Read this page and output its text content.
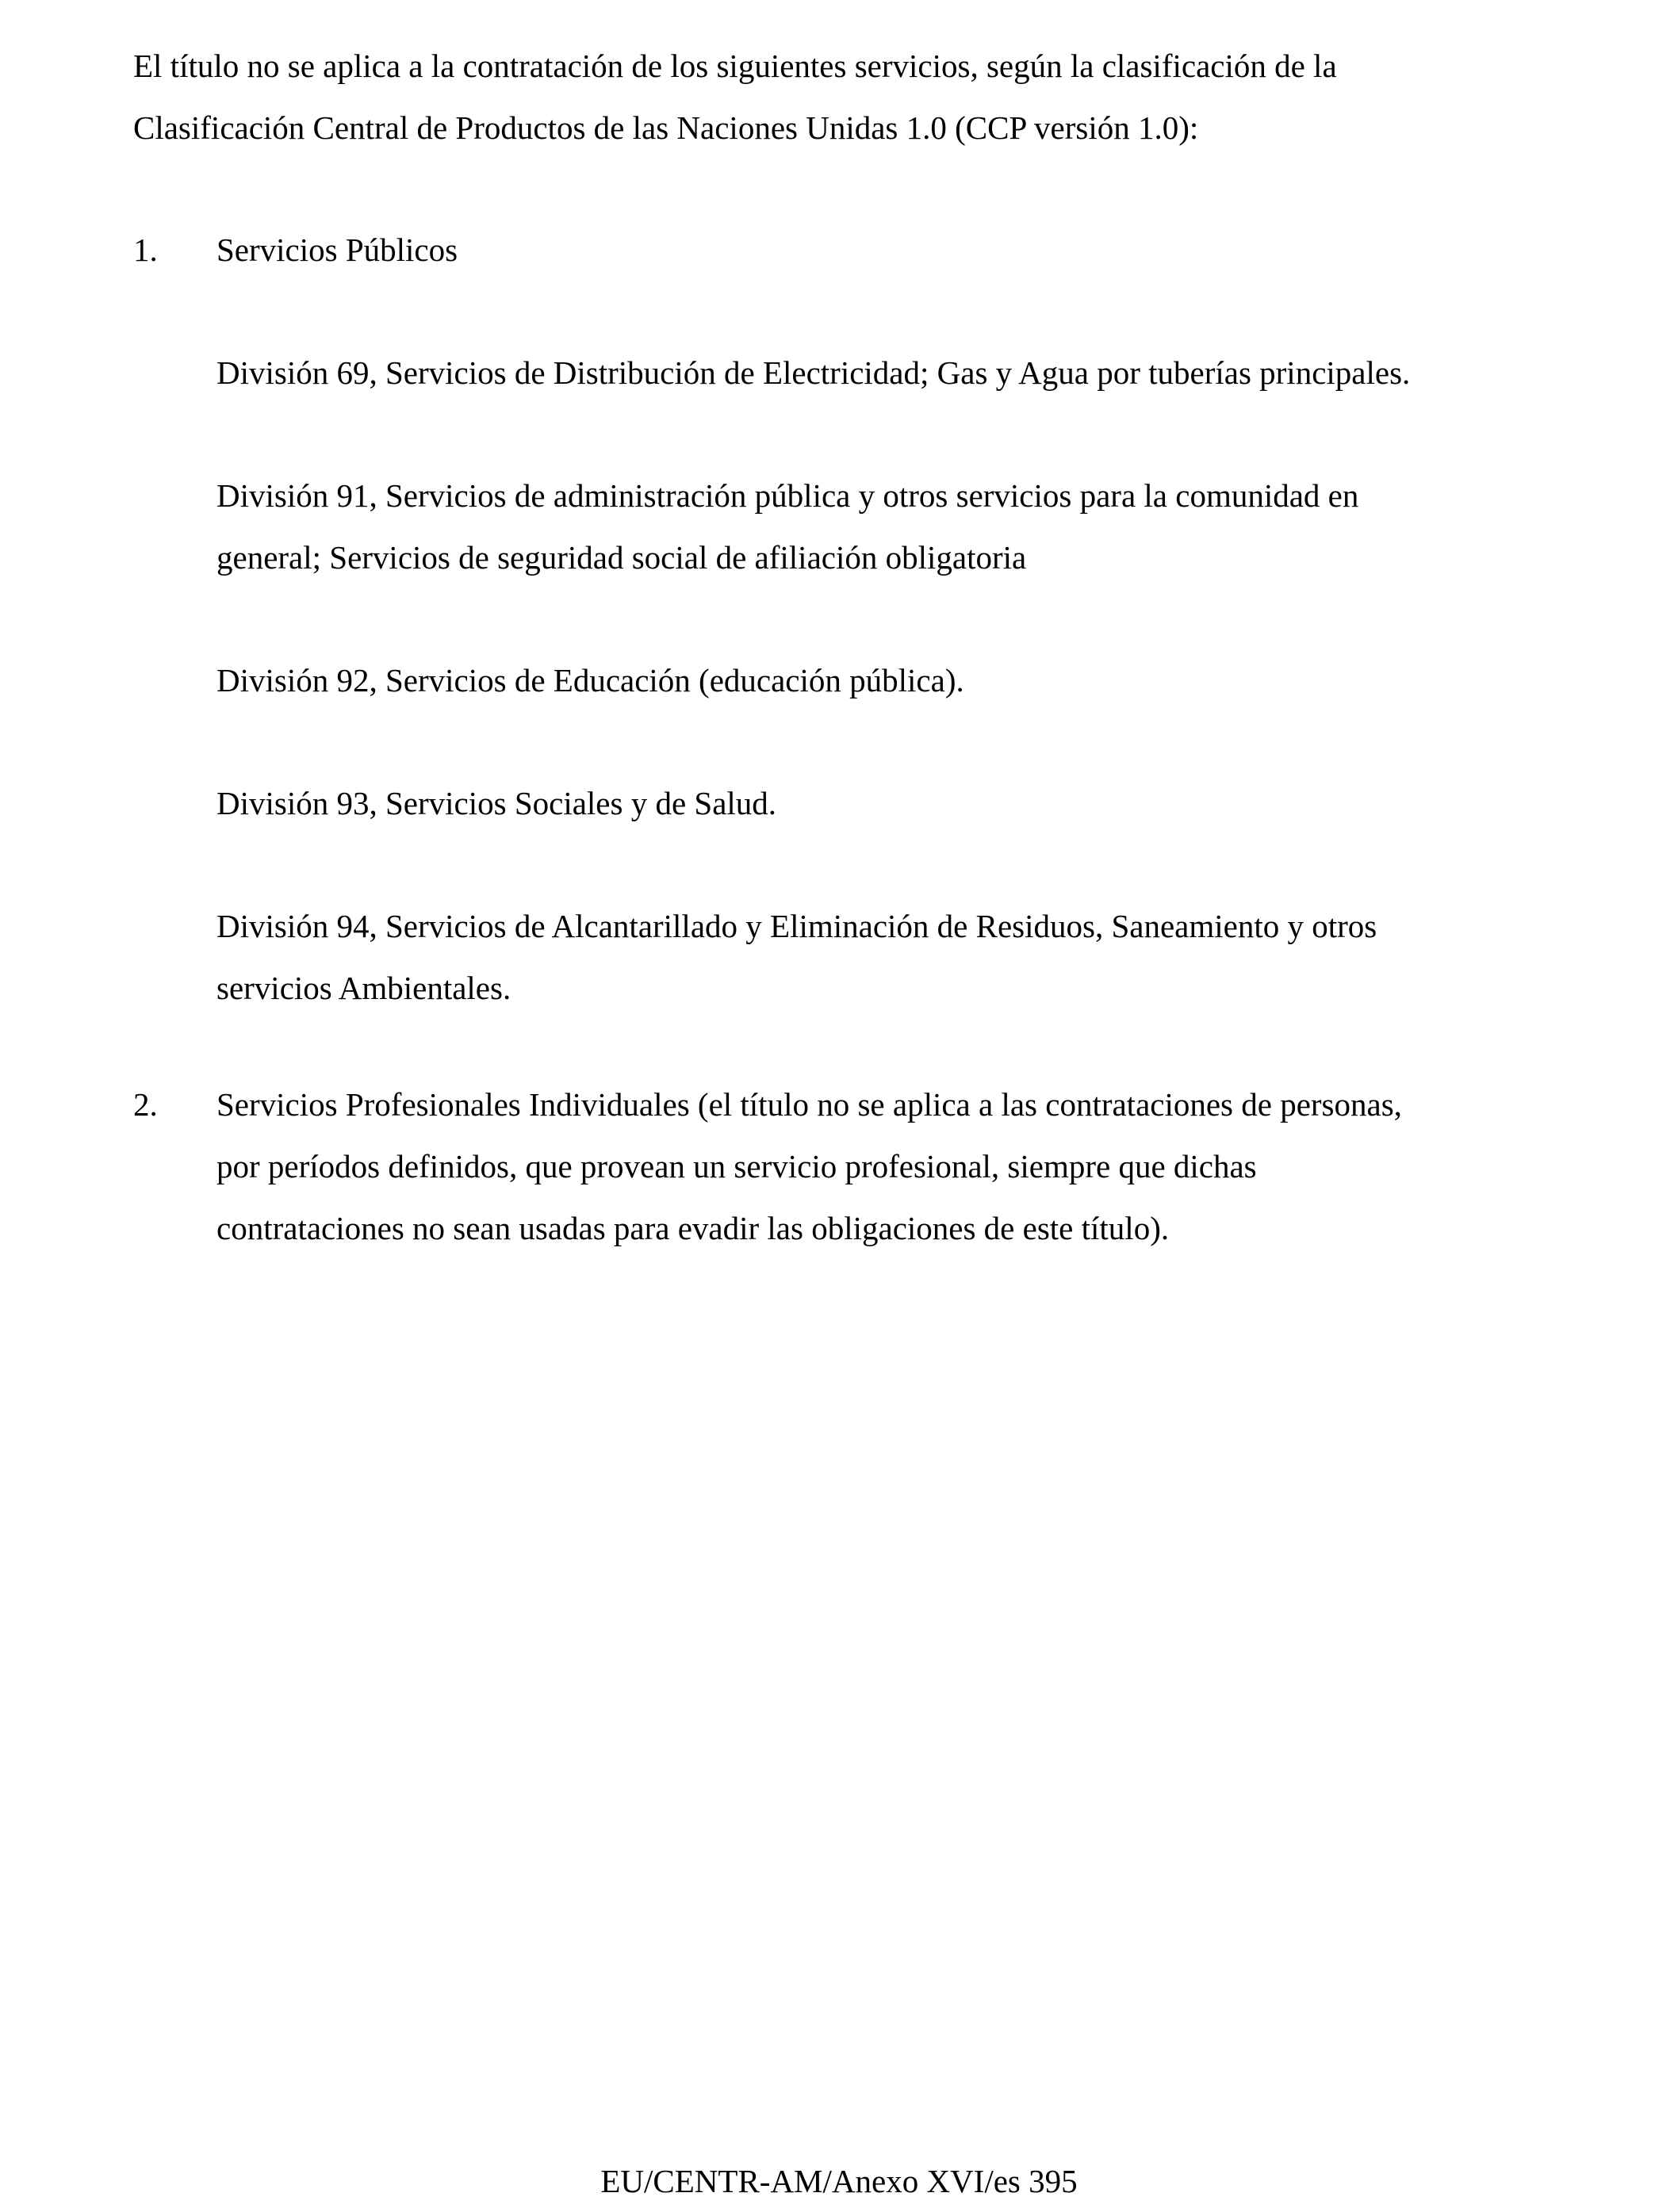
El título no se aplica a la contratación de los siguientes servicios, según la clasificación de la
Clasificación Central de Productos de las Naciones Unidas 1.0 (CCP versión 1.0):

1. Servicios Públicos

División 69, Servicios de Distribución de Electricidad; Gas y Agua por tuberías principales.

División 91, Servicios de administración pública y otros servicios para la comunidad en
general; Servicios de seguridad social de afiliación obligatoria

División 92, Servicios de Educación (educación pública).

División 93, Servicios Sociales y de Salud.

División 94, Servicios de Alcantarillado y Eliminación de Residuos, Saneamiento y otros
servicios Ambientales.

2. Servicios Profesionales Individuales (el título no se aplica a las contrataciones de personas,
por períodos definidos, que provean un servicio profesional, siempre que dichas
contrataciones no sean usadas para evadir las obligaciones de este título).

EU/CENTR-AM/Anexo XVI/es 395
